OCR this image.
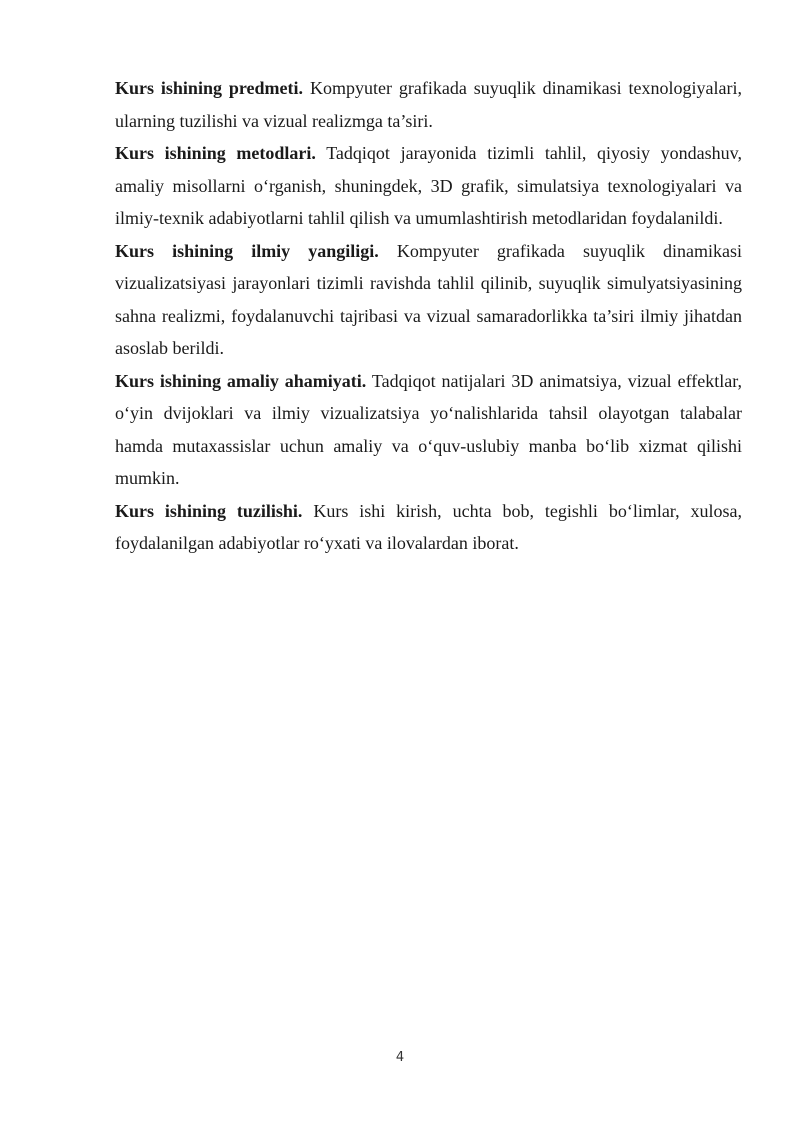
Kurs ishining predmeti. Kompyuter grafikada suyuqlik dinamikasi texnologiyalari, ularning tuzilishi va vizual realizmga ta’siri.

Kurs ishining metodlari. Tadqiqot jarayonida tizimli tahlil, qiyosiy yondashuv, amaliy misollarni o‘rganish, shuningdek, 3D grafik, simulatsiya texnologiyalari va ilmiy-texnik adabiyotlarni tahlil qilish va umumlashtirish metodlaridan foydalanildi.

Kurs ishining ilmiy yangiligi. Kompyuter grafikada suyuqlik dinamikasi vizualizatsiyasi jarayonlari tizimli ravishda tahlil qilinib, suyuqlik simulyatsiyasining sahna realizmi, foydalanuvchi tajribasi va vizual samaradorlikka ta’siri ilmiy jihatdan asoslab berildi.

Kurs ishining amaliy ahamiyati. Tadqiqot natijalari 3D animatsiya, vizual effektlar, o‘yin dvijoklari va ilmiy vizualizatsiya yo‘nalishlarida tahsil olayotgan talabalar hamda mutaxassislar uchun amaliy va o‘quv-uslubiy manba bo‘lib xizmat qilishi mumkin.

Kurs ishining tuzilishi. Kurs ishi kirish, uchta bob, tegishli bo‘limlar, xulosa, foydalanilgan adabiyotlar ro‘yxati va ilovalardan iborat.

4
